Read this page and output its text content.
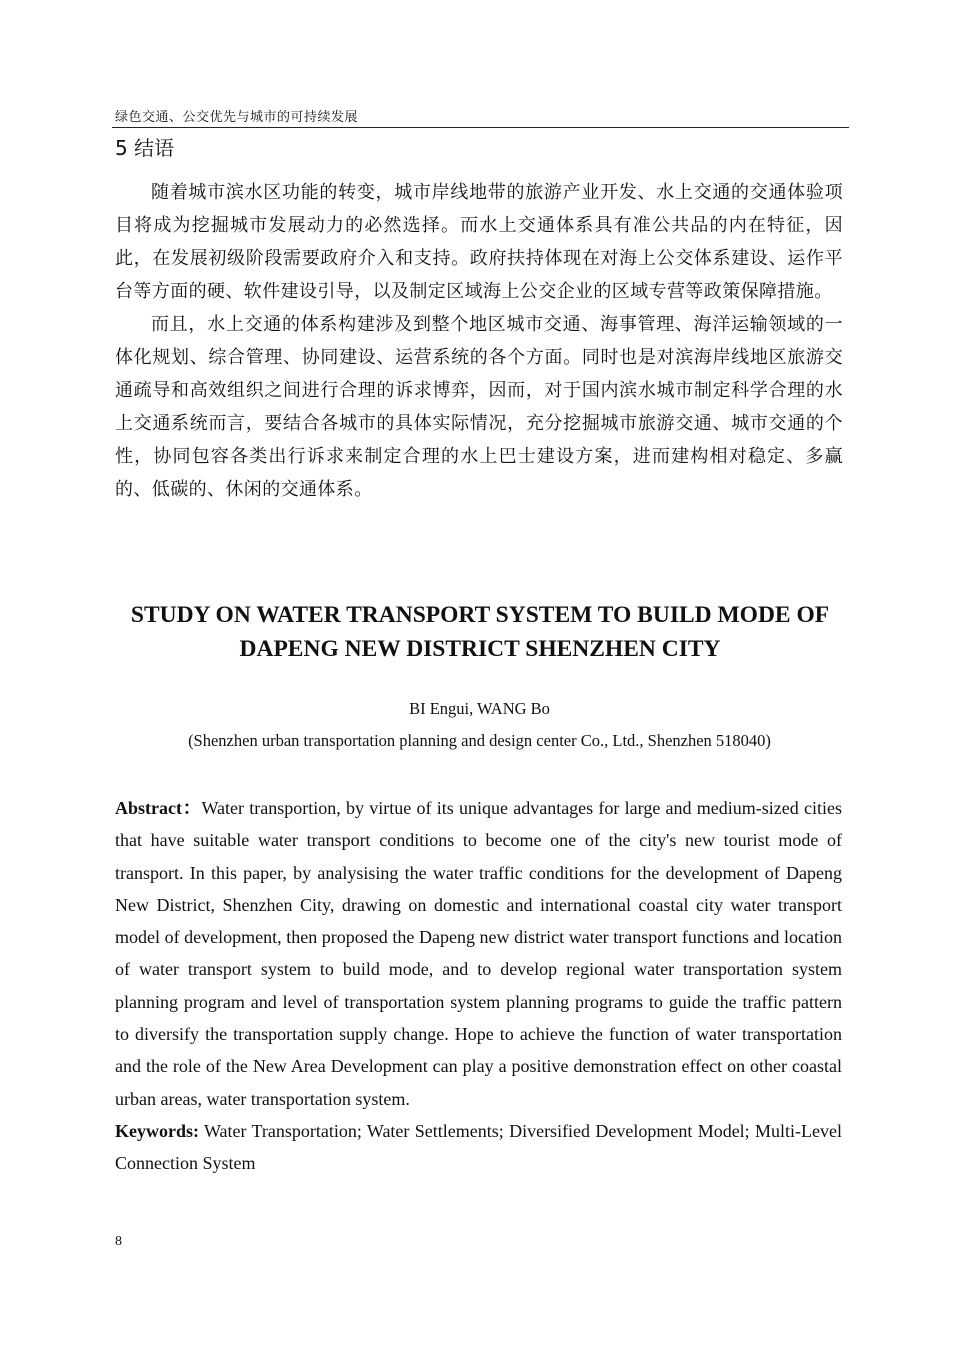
绿色交通、公交优先与城市的可持续发展
5 结语

随着城市滨水区功能的转变，城市岸线地带的旅游产业开发、水上交通的交通体验项目将成为挖掘城市发展动力的必然选择。而水上交通体系具有准公共品的内在特征，因此，在发展初级阶段需要政府介入和支持。政府扶持体现在对海上公交体系建设、运作平台等方面的硬、软件建设引导，以及制定区域海上公交企业的区域专营等政策保障措施。

而且，水上交通的体系构建涉及到整个地区城市交通、海事管理、海洋运输领域的一体化规划、综合管理、协同建设、运营系统的各个方面。同时也是对滨海岸线地区旅游交通疏导和高效组织之间进行合理的诉求博弈，因而，对于国内滨水城市制定科学合理的水上交通系统而言，要结合各城市的具体实际情况，充分挖掘城市旅游交通、城市交通的个性，协同包容各类出行诉求来制定合理的水上巴士建设方案，进而建构相对稳定、多赢的、低碳的、休闲的交通体系。

STUDY ON WATER TRANSPORT SYSTEM TO BUILD MODE OF
DAPENG NEW DISTRICT SHENZHEN CITY
BI Engui, WANG Bo
(Shenzhen urban transportation planning and design center Co., Ltd., Shenzhen 518040)

Abstract：Water transportion, by virtue of its unique advantages for large and medium-sized cities that have suitable water transport conditions to become one of the city's new tourist mode of transport. In this paper, by analysising the water traffic conditions for the development of Dapeng New District, Shenzhen City, drawing on domestic and international coastal city water transport model of development, then proposed the Dapeng new district water transport functions and location of water transport system to build mode, and to develop regional water transportation system planning program and level of transportation system planning programs to guide the traffic pattern to diversify the transportation supply change. Hope to achieve the function of water transportation and the role of the New Area Development can play a positive demonstration effect on other coastal urban areas, water transportation system.

Keywords: Water Transportation; Water Settlements; Diversified Development Model; Multi-Level Connection System

8
